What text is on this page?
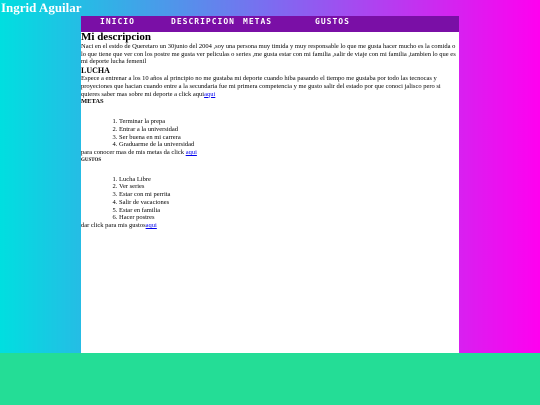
Ingrid Aguilar
INICIO	DESCRIPCION METAS	GUSTOS
Mi descripcion

Naci en el estdo de Queretaro un 30junio del 2004 ,soy una persona muy timida y muy responsable lo que me gusta hacer mucho es la comida o lo que tiene que ver con los postre me gusta ver peliculas o series ,me gusta estar con mi familia ,salir de viaje con mi familia ,tambien lo que es mi deporte lucha femenil

LUCHA

Espece a entrenar a los 10 años al principio no me gustaba mi deporte cuando hiba pasando el tiempo me gustaba por todo las tecnocas y proyeciones que hacian cuando entre a la secundaria fue mi primera competencia y me gusto salir del estado por que conoci jalisco pero si quieres saber mas sobre mi deporte a click aquiaqui

METAS
1. Terminar la prepa
2. Entrar a la universidad
3. Ser buena en mi carrera
4. Graduarme de la universidad

para conocer mas de mis metas da click aqui

GUSTOS
1. Lucha Libre
2. Ver series
3. Estar con mi perrita
4. Salir de vacaciones
5. Estar en familia
6. Hacer postres

dar click para mis gustosaqui
